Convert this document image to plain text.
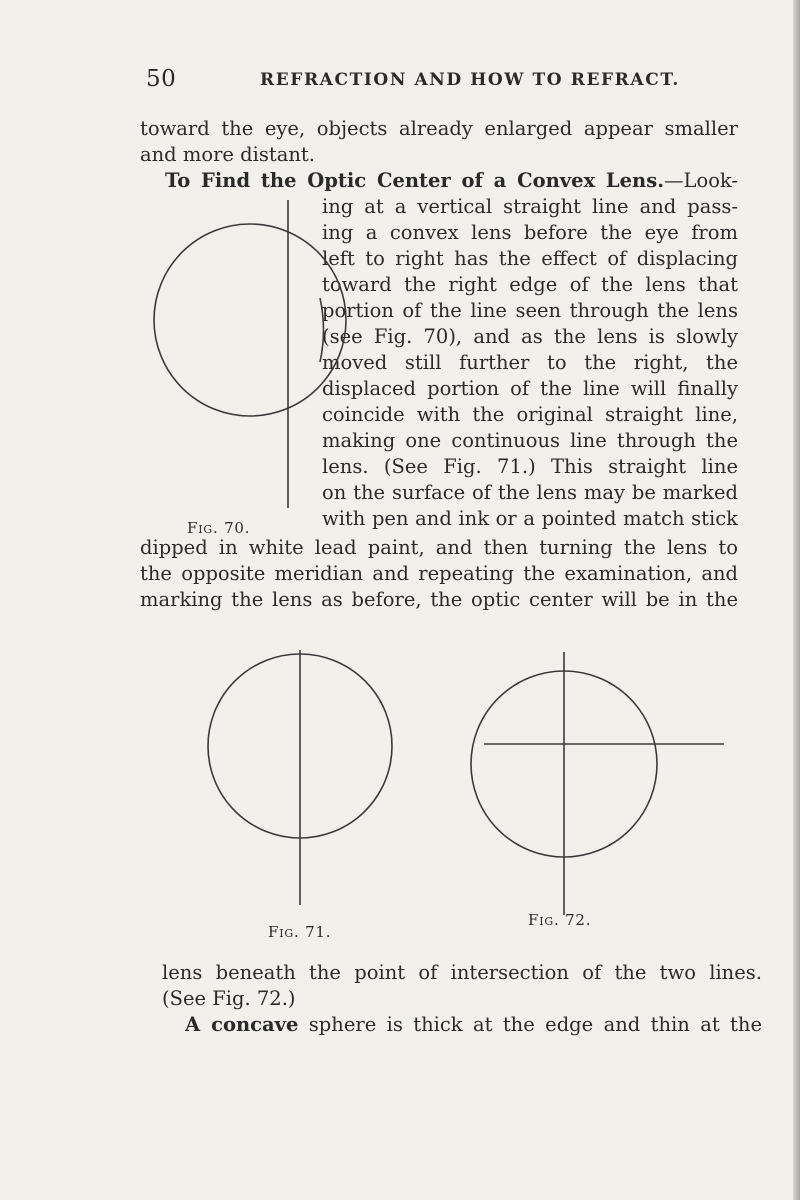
50	REFRACTION AND HOW TO REFRACT.
toward the eye, objects already enlarged appear smaller
and more distant.
To Find the Optic Center of a Convex Lens.—Look-
ing at a vertical straight line and pass-
ing a convex lens before the eye from
left to right has the effect of displacing
toward the right edge of the lens that
portion of the line seen through the lens
(see Fig. 70), and as the lens is slowly
moved still further to the right, the
displaced portion of the line will finally
coincide with the original straight line,
making one continuous line through the
lens. (See Fig. 71.) This straight line
on the surface of the lens may be marked
with pen and ink or a pointed match stick
Fig. 70.
dipped in white lead paint, and then turning the lens to
the opposite meridian and repeating the examination, and
marking the lens as before, the optic center will be in the
Fig. 71.
Fig. 72.
lens beneath the point of intersection of the two lines.
(See Fig. 72.)
A concave sphere is thick at the edge and thin at the
